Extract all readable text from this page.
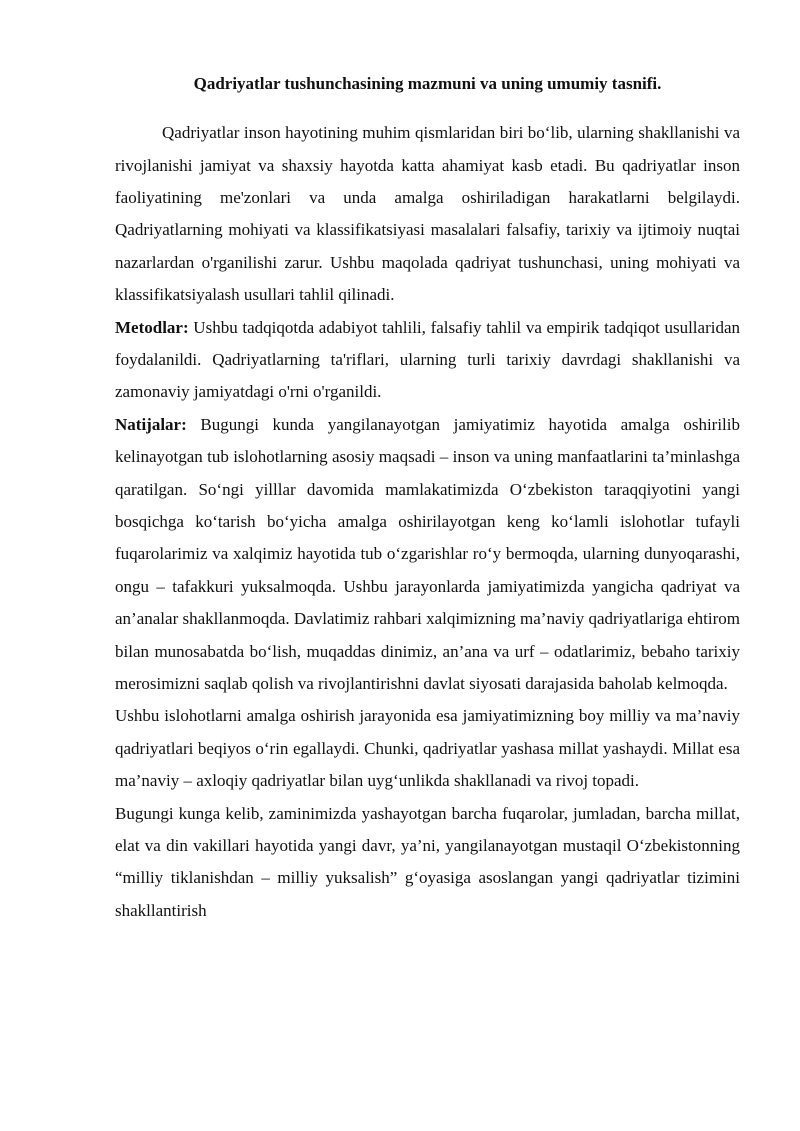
Qadriyatlar tushunchasining mazmuni va uning umumiy tasnifi.

Qadriyatlar inson hayotining muhim qismlaridan biri bo‘lib, ularning shakllanishi va rivojlanishi jamiyat va shaxsiy hayotda katta ahamiyat kasb etadi. Bu qadriyatlar inson faoliyatining me'zonlari va unda amalga oshiriladigan harakatlarni belgilaydi. Qadriyatlarning mohiyati va klassifikatsiyasi masalalari falsafiy, tarixiy va ijtimoiy nuqtai nazarlardan o'rganilishi zarur. Ushbu maqolada qadriyat tushunchasi, uning mohiyati va klassifikatsiyalash usullari tahlil qilinadi.

Metodlar: Ushbu tadqiqotda adabiyot tahlili, falsafiy tahlil va empirik tadqiqot usullaridan foydalanildi. Qadriyatlarning ta'riflari, ularning turli tarixiy davrdagi shakllanishi va zamonaviy jamiyatdagi o'rni o'rganildi.

Natijalar: Bugungi kunda yangilanayotgan jamiyatimiz hayotida amalga oshirilib kelinayotgan tub islohotlarning asosiy maqsadi – inson va uning manfaatlarini ta’minlashga qaratilgan. So‘ngi yilllar davomida mamlakatimizda O‘zbekiston taraqqiyotini yangi bosqichga ko‘tarish bo‘yicha amalga oshirilayotgan keng ko‘lamli islohotlar tufayli fuqarolarimiz va xalqimiz hayotida tub o‘zgarishlar ro‘y bermoqda, ularning dunyoqarashi, ongu – tafakkuri yuksalmoqda. Ushbu jarayonlarda jamiyatimizda yangicha qadriyat va an’analar shakllanmoqda. Davlatimiz rahbari xalqimizning ma’naviy qadriyatlariga ehtirom bilan munosabatda bo‘lish, muqaddas dinimiz, an’ana va urf – odatlarimiz, bebaho tarixiy merosimizni saqlab qolish va rivojlantirishni davlat siyosati darajasida baholab kelmoqda.

Ushbu islohotlarni amalga oshirish jarayonida esa jamiyatimizning boy milliy va ma’naviy qadriyatlari beqiyos o‘rin egallaydi. Chunki, qadriyatlar yashasa millat yashaydi. Millat esa ma’naviy – axloqiy qadriyatlar bilan uyg‘unlikda shakllanadi va rivoj topadi.

Bugungi kunga kelib, zaminimizda yashayotgan barcha fuqarolar, jumladan, barcha millat, elat va din vakillari hayotida yangi davr, ya’ni, yangilanayotgan mustaqil O‘zbekistonning “milliy tiklanishdan – milliy yuksalish” g‘oyasiga asoslangan yangi qadriyatlar tizimini shakllantirish
